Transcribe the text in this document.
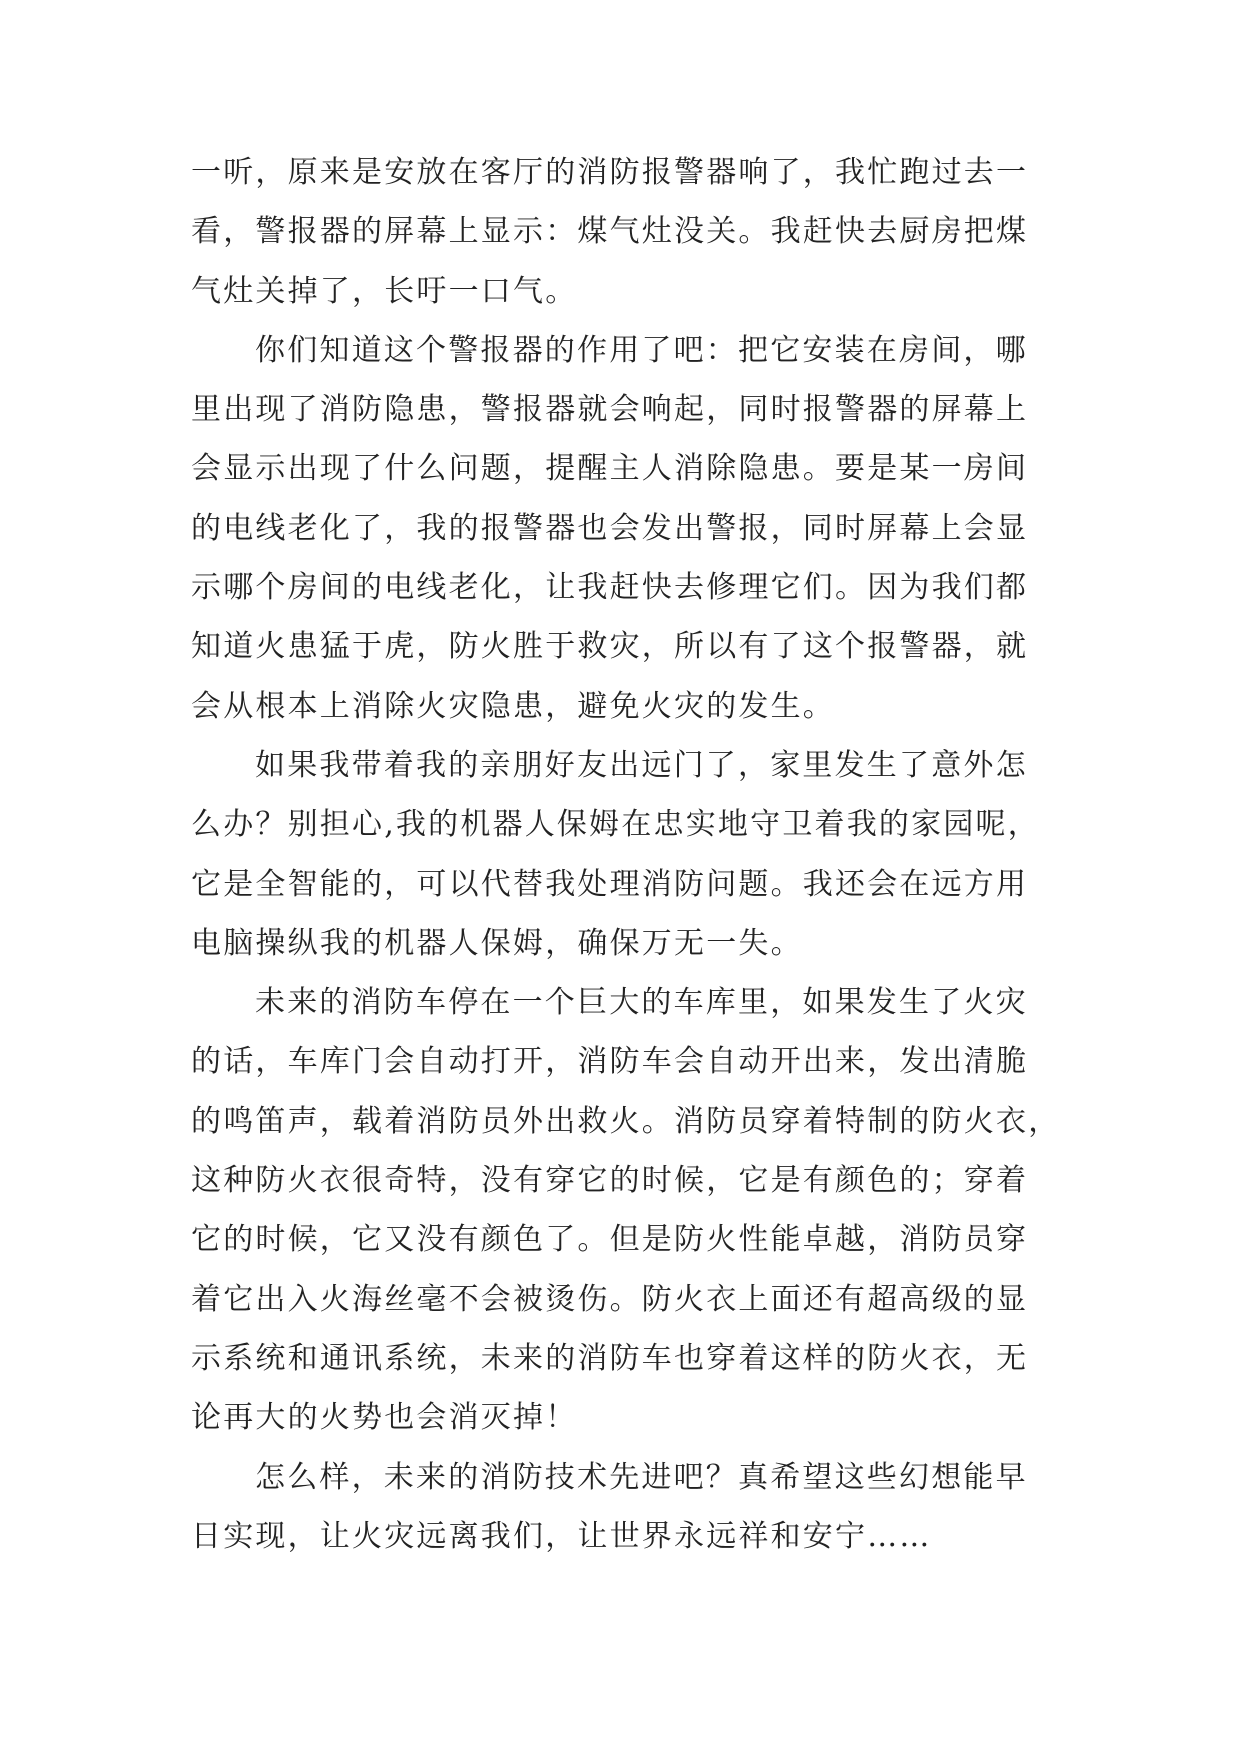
一听，原来是安放在客厅的消防报警器响了，我忙跑过去一
看，警报器的屏幕上显示：煤气灶没关。我赶快去厨房把煤
气灶关掉了，长吁一口气。
你们知道这个警报器的作用了吧：把它安装在房间，哪
里出现了消防隐患，警报器就会响起，同时报警器的屏幕上
会显示出现了什么问题，提醒主人消除隐患。要是某一房间
的电线老化了，我的报警器也会发出警报，同时屏幕上会显
示哪个房间的电线老化，让我赶快去修理它们。因为我们都
知道火患猛于虎，防火胜于救灾，所以有了这个报警器，就
会从根本上消除火灾隐患，避免火灾的发生。
如果我带着我的亲朋好友出远门了，家里发生了意外怎
么办？别担心,我的机器人保姆在忠实地守卫着我的家园呢，
它是全智能的，可以代替我处理消防问题。我还会在远方用
电脑操纵我的机器人保姆，确保万无一失。
未来的消防车停在一个巨大的车库里，如果发生了火灾
的话，车库门会自动打开，消防车会自动开出来，发出清脆
的鸣笛声，载着消防员外出救火。消防员穿着特制的防火衣，
这种防火衣很奇特，没有穿它的时候，它是有颜色的；穿着
它的时候，它又没有颜色了。但是防火性能卓越，消防员穿
着它出入火海丝毫不会被烫伤。防火衣上面还有超高级的显
示系统和通讯系统，未来的消防车也穿着这样的防火衣，无
论再大的火势也会消灭掉！
怎么样，未来的消防技术先进吧？真希望这些幻想能早
日实现，让火灾远离我们，让世界永远祥和安宁……
